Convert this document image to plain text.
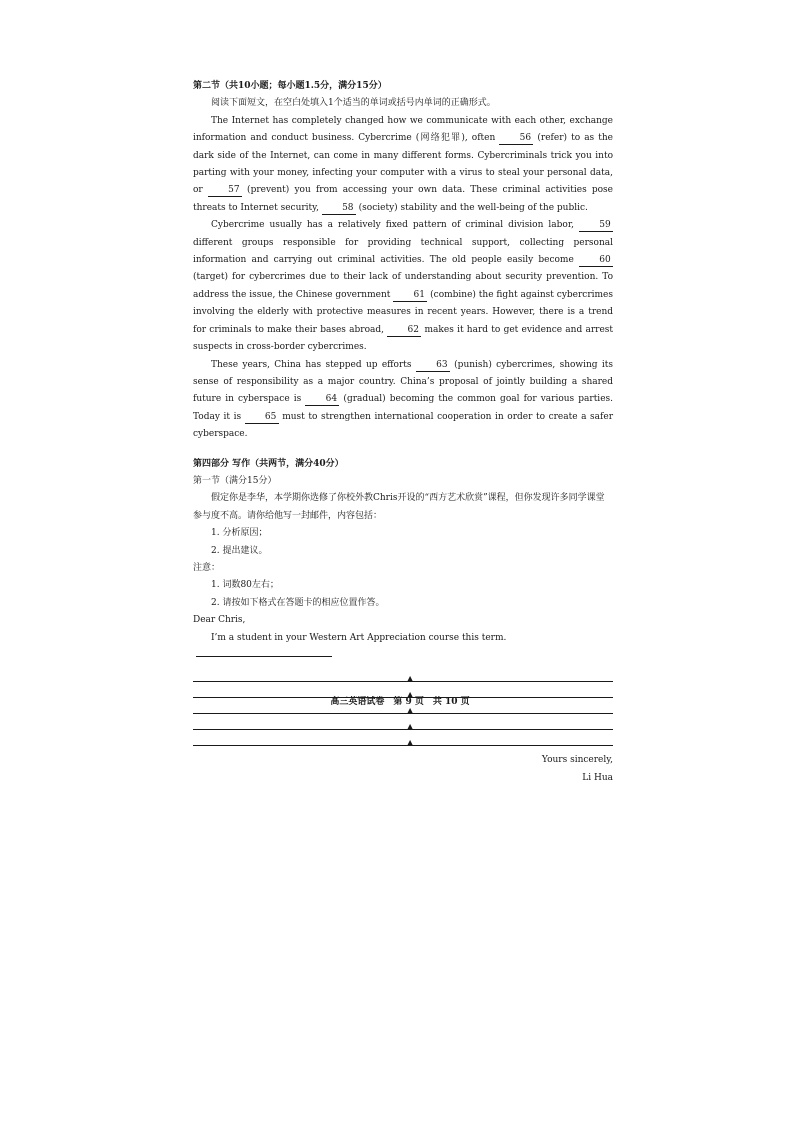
第二节（共10小题；每小题1.5分，满分15分）

阅读下面短文，在空白处填入1个适当的单词或括号内单词的正确形式。

The Internet has completely changed how we communicate with each other, exchange information and conduct business. Cybercrime (网络犯罪), often 56 (refer) to as the dark side of the Internet, can come in many different forms. Cybercriminals trick you into parting with your money, infecting your computer with a virus to steal your personal data, or 57 (prevent) you from accessing your own data. These criminal activities pose threats to Internet security, 58 (society) stability and the well-being of the public.

Cybercrime usually has a relatively fixed pattern of criminal division labor, 59 different groups responsible for providing technical support, collecting personal information and carrying out criminal activities. The old people easily become 60 (target) for cybercrimes due to their lack of understanding about security prevention. To address the issue, the Chinese government 61 (combine) the fight against cybercrimes involving the elderly with protective measures in recent years. However, there is a trend for criminals to make their bases abroad, 62 makes it hard to get evidence and arrest suspects in cross-border cybercrimes.

These years, China has stepped up efforts 63 (punish) cybercrimes, showing its sense of responsibility as a major country. China’s proposal of jointly building a shared future in cyberspace is 64 (gradual) becoming the common goal for various parties. Today it is 65 must to strengthen international cooperation in order to create a safer cyberspace.

第四部分 写作（共两节，满分40分）

第一节（满分15分）

假定你是李华，本学期你选修了你校外教Chris开设的“西方艺术欣赏”课程，但你发现许多同学课堂参与度不高。请你给他写一封邮件，内容包括：

1. 分析原因；

2. 提出建议。

注意：

1. 词数80左右；

2. 请按如下格式在答题卡的相应位置作答。

Dear Chris,

I’m a student in your Western Art Appreciation course this term.

▲
▲
▲
▲
▲

Yours sincerely,

Li Hua

高三英语试卷　第 9 页　共 10 页
